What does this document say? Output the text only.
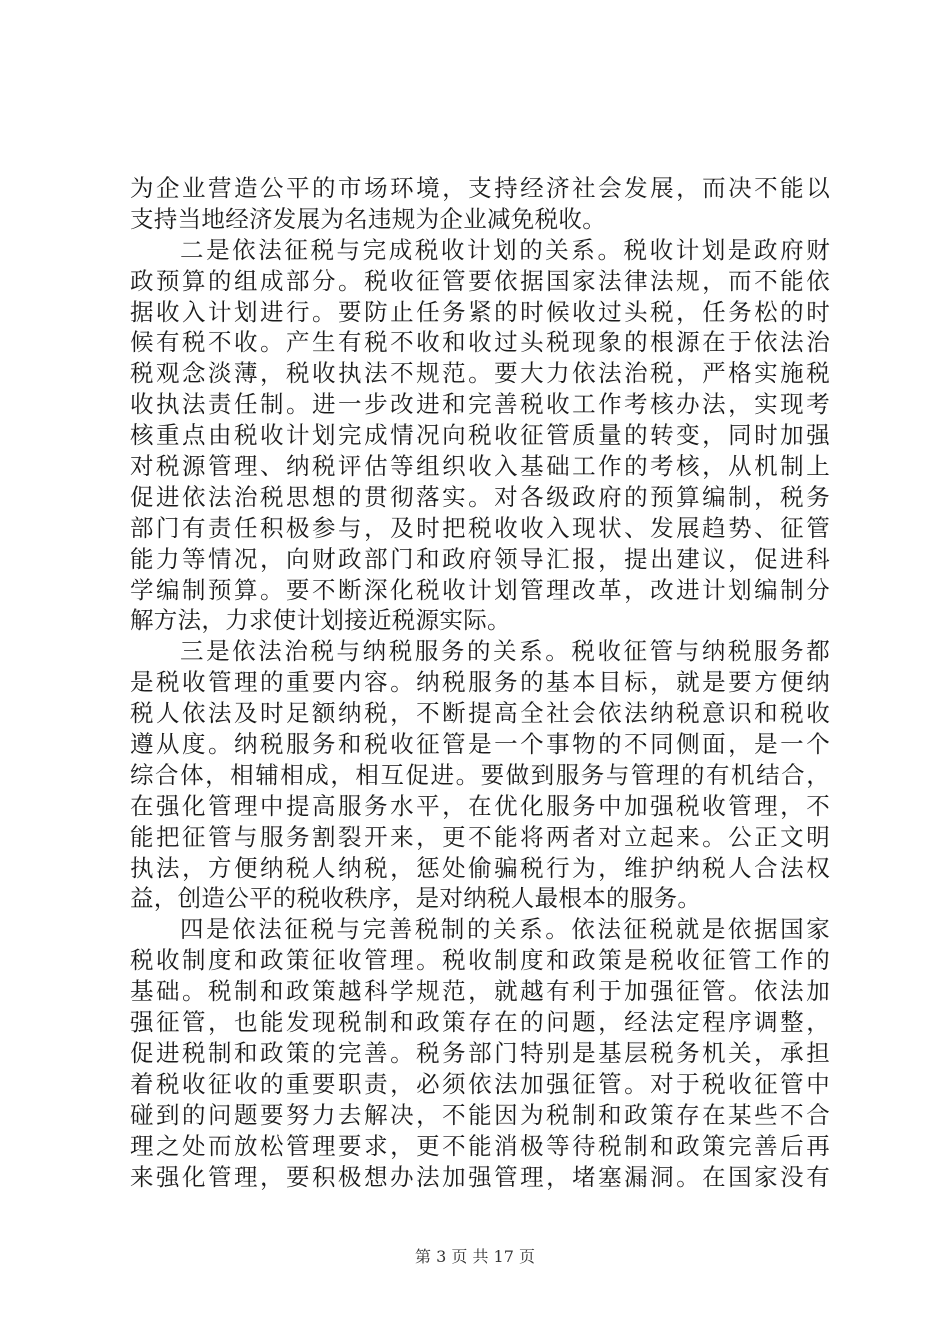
为企业营造公平的市场环境，支持经济社会发展，而决不能以
支持当地经济发展为名违规为企业减免税收。
二是依法征税与完成税收计划的关系。税收计划是政府财
政预算的组成部分。税收征管要依据国家法律法规，而不能依
据收入计划进行。要防止任务紧的时候收过头税，任务松的时
候有税不收。产生有税不收和收过头税现象的根源在于依法治
税观念淡薄，税收执法不规范。要大力依法治税，严格实施税
收执法责任制。进一步改进和完善税收工作考核办法，实现考
核重点由税收计划完成情况向税收征管质量的转变，同时加强
对税源管理、纳税评估等组织收入基础工作的考核，从机制上
促进依法治税思想的贯彻落实。对各级政府的预算编制，税务
部门有责任积极参与，及时把税收收入现状、发展趋势、征管
能力等情况，向财政部门和政府领导汇报，提出建议，促进科
学编制预算。要不断深化税收计划管理改革，改进计划编制分
解方法，力求使计划接近税源实际。
三是依法治税与纳税服务的关系。税收征管与纳税服务都
是税收管理的重要内容。纳税服务的基本目标，就是要方便纳
税人依法及时足额纳税，不断提高全社会依法纳税意识和税收
遵从度。纳税服务和税收征管是一个事物的不同侧面，是一个
综合体，相辅相成，相互促进。要做到服务与管理的有机结合，
在强化管理中提高服务水平，在优化服务中加强税收管理，不
能把征管与服务割裂开来，更不能将两者对立起来。公正文明
执法，方便纳税人纳税，惩处偷骗税行为，维护纳税人合法权
益，创造公平的税收秩序，是对纳税人最根本的服务。
四是依法征税与完善税制的关系。依法征税就是依据国家
税收制度和政策征收管理。税收制度和政策是税收征管工作的
基础。税制和政策越科学规范，就越有利于加强征管。依法加
强征管，也能发现税制和政策存在的问题，经法定程序调整，
促进税制和政策的完善。税务部门特别是基层税务机关，承担
着税收征收的重要职责，必须依法加强征管。对于税收征管中
碰到的问题要努力去解决，不能因为税制和政策存在某些不合
理之处而放松管理要求，更不能消极等待税制和政策完善后再
来强化管理，要积极想办法加强管理，堵塞漏洞。在国家没有
第 3 页 共 17 页
